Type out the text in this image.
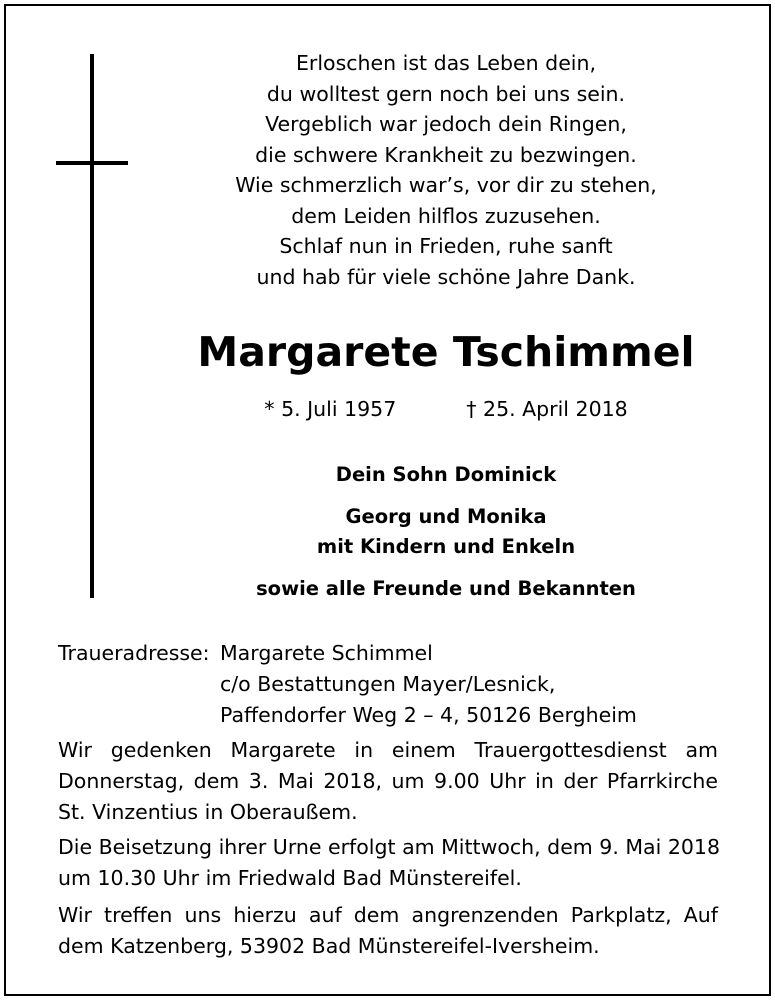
Erloschen ist das Leben dein,
du wolltest gern noch bei uns sein.
Vergeblich war jedoch dein Ringen,
die schwere Krankheit zu bezwingen.
Wie schmerzlich war’s, vor dir zu stehen,
dem Leiden hilflos zuzusehen.
Schlaf nun in Frieden, ruhe sanft
und hab für viele schöne Jahre Dank.
Margarete Tschimmel
* 5. Juli 1957	† 25. April 2018
Dein Sohn Dominick
Georg und Monika
mit Kindern und Enkeln
sowie alle Freunde und Bekannten
Traueradresse: Margarete Schimmel
c/o Bestattungen Mayer/Lesnick,
Paffendorfer Weg 2 – 4, 50126 Bergheim
Wir gedenken Margarete in einem Trauergottesdienst am
Donnerstag, dem 3. Mai 2018, um 9.00 Uhr in der Pfarrkirche
St. Vinzentius in Oberaußem.
Die Beisetzung ihrer Urne erfolgt am Mittwoch, dem 9. Mai 2018
um 10.30 Uhr im Friedwald Bad Münstereifel.
Wir treffen uns hierzu auf dem angrenzenden Parkplatz, Auf
dem Katzenberg, 53902 Bad Münstereifel-Iversheim.
